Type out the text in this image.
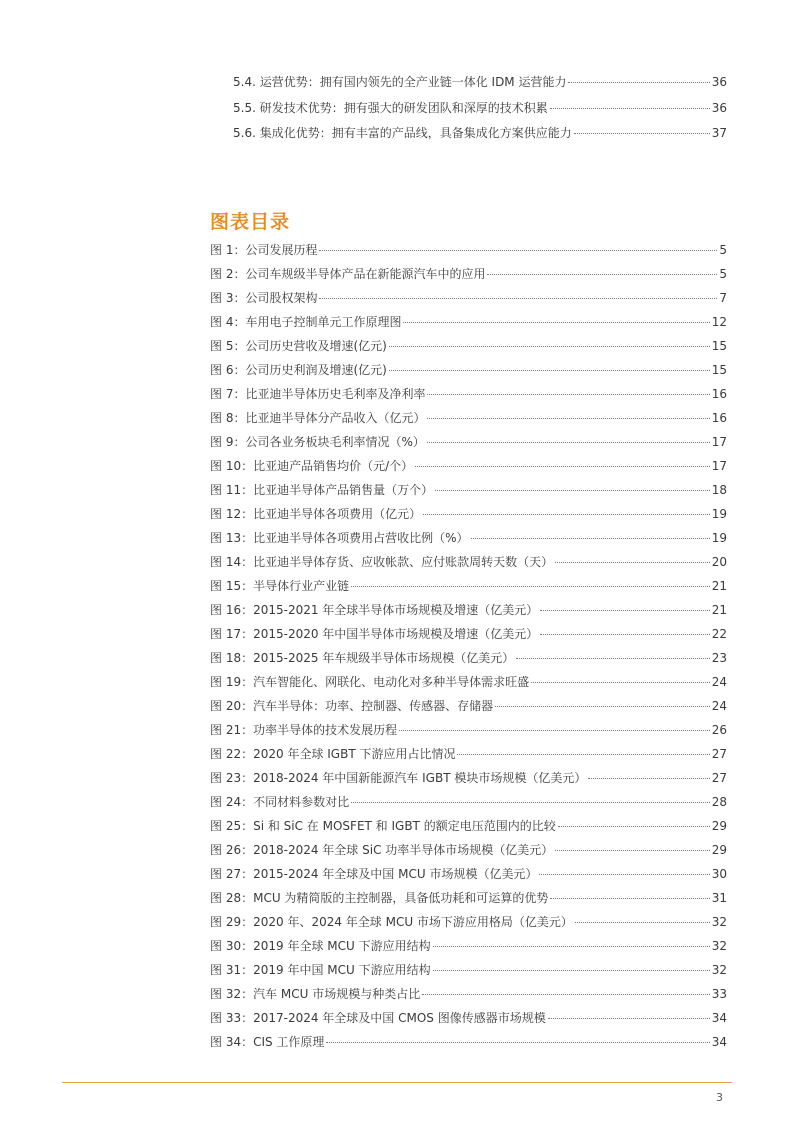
5.4. 运营优势：拥有国内领先的全产业链一体化 IDM 运营能力	36
5.5. 研发技术优势：拥有强大的研发团队和深厚的技术积累	36
5.6. 集成化优势：拥有丰富的产品线，具备集成化方案供应能力	37
图表目录
图 1：公司发展历程	5
图 2：公司车规级半导体产品在新能源汽车中的应用	5
图 3：公司股权架构	7
图 4：车用电子控制单元工作原理图	12
图 5：公司历史营收及增速(亿元)	15
图 6：公司历史利润及增速(亿元)	15
图 7：比亚迪半导体历史毛利率及净利率	16
图 8：比亚迪半导体分产品收入（亿元）	16
图 9：公司各业务板块毛利率情况（%）	17
图 10：比亚迪产品销售均价（元/个）	17
图 11：比亚迪半导体产品销售量（万个）	18
图 12：比亚迪半导体各项费用（亿元）	19
图 13：比亚迪半导体各项费用占营收比例（%）	19
图 14：比亚迪半导体存货、应收帐款、应付账款周转天数（天）	20
图 15：半导体行业产业链	21
图 16：2015-2021 年全球半导体市场规模及增速（亿美元）	21
图 17：2015-2020 年中国半导体市场规模及增速（亿美元）	22
图 18：2015-2025 年车规级半导体市场规模（亿美元）	23
图 19：汽车智能化、网联化、电动化对多种半导体需求旺盛	24
图 20：汽车半导体：功率、控制器、传感器、存储器	24
图 21：功率半导体的技术发展历程	26
图 22：2020 年全球 IGBT 下游应用占比情况	27
图 23：2018-2024 年中国新能源汽车 IGBT 模块市场规模（亿美元）	27
图 24：不同材料参数对比	28
图 25：Si 和 SiC 在 MOSFET 和 IGBT 的额定电压范围内的比较	29
图 26：2018-2024 年全球 SiC 功率半导体市场规模（亿美元）	29
图 27：2015-2024 年全球及中国 MCU 市场规模（亿美元）	30
图 28：MCU 为精简版的主控制器，具备低功耗和可运算的优势	31
图 29：2020 年、2024 年全球 MCU 市场下游应用格局（亿美元）	32
图 30：2019 年全球 MCU 下游应用结构	32
图 31：2019 年中国 MCU 下游应用结构	32
图 32：汽车 MCU 市场规模与种类占比	33
图 33：2017-2024 年全球及中国 CMOS 图像传感器市场规模	34
图 34：CIS 工作原理	34
3
